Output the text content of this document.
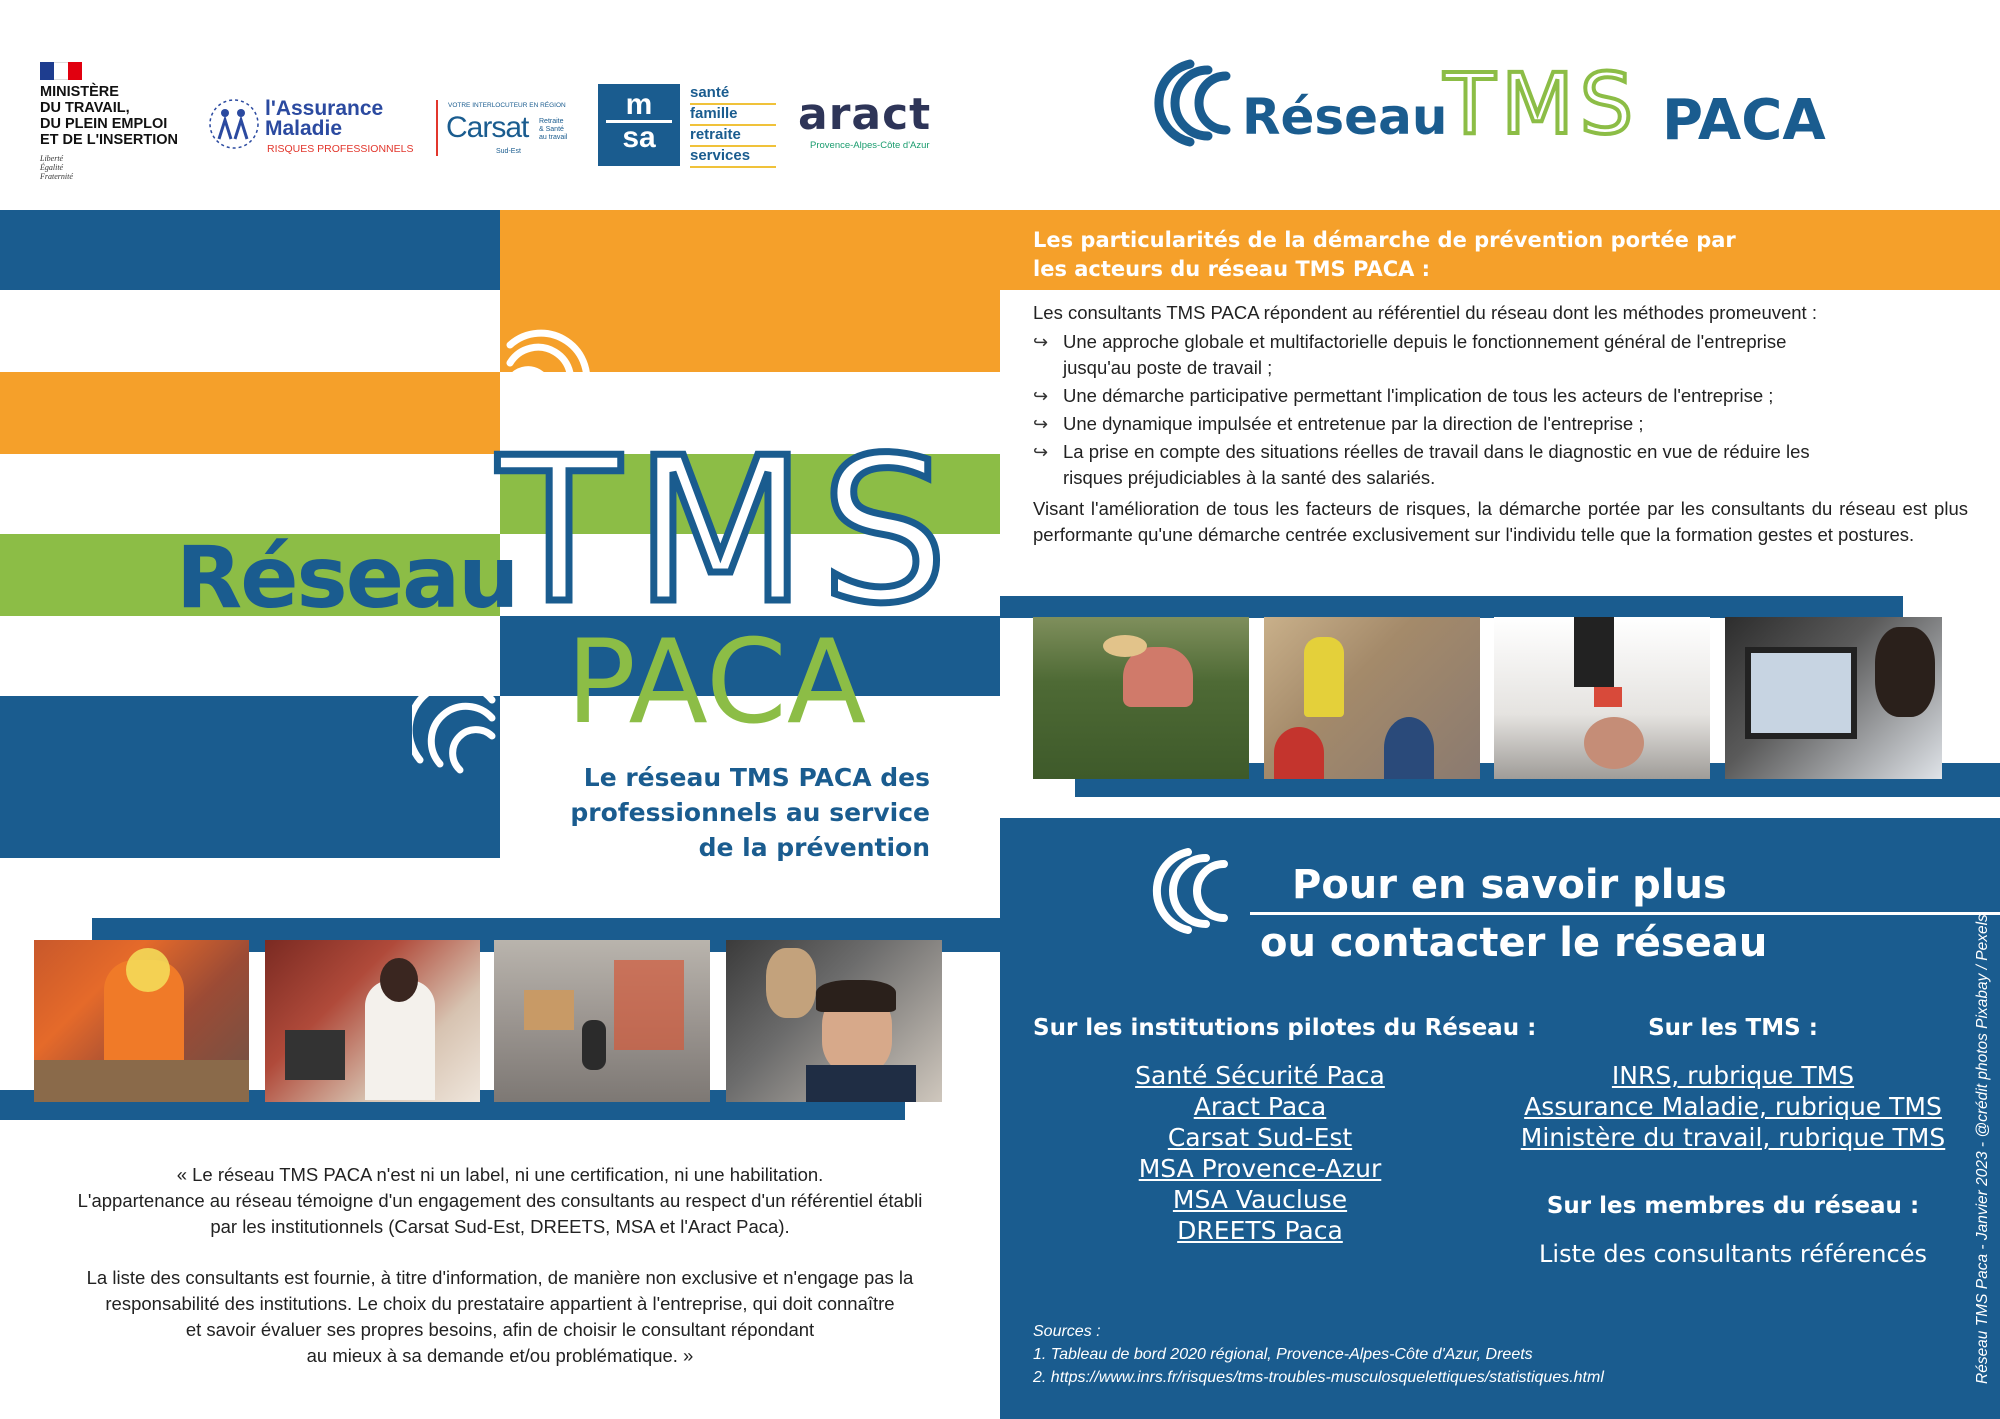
MINISTÈRE
DU TRAVAIL,
DU PLEIN EMPLOI
ET DE L'INSERTION
Liberté
Égalité
Fraternité
l'Assurance
Maladie
RISQUES PROFESSIONNELS
VOTRE INTERLOCUTEUR EN RÉGION
Carsat Retraite
& Santé
au travail
Sud-Est
m
sa
santé
famille
retraite
services
aract
Provence-Alpes-Côte d'Azur	Réseau
TMS PACA
Réseau
TMS
PACA
Le réseau TMS PACA des
professionnels au service
de la prévention
« Le réseau TMS PACA n'est ni un label, ni une certification, ni une habilitation.
L'appartenance au réseau témoigne d'un engagement des consultants au respect d'un référentiel établi
par les institutionnels (Carsat Sud-Est, DREETS, MSA et l'Aract Paca).
La liste des consultants est fournie, à titre d'information, de manière non exclusive et n'engage pas la
responsabilité des institutions. Le choix du prestataire appartient à l'entreprise, qui doit connaître
et savoir évaluer ses propres besoins, afin de choisir le consultant répondant
au mieux à sa demande et/ou problématique. »
Les particularités de la démarche de prévention portée par
les acteurs du réseau TMS PACA :
Les consultants TMS PACA répondent au référentiel du réseau dont les méthodes promeuvent :
↪ Une approche globale et multifactorielle depuis le fonctionnement général de l'entreprise
jusqu'au poste de travail ;
↪ Une démarche participative permettant l'implication de tous les acteurs de l'entreprise ;
↪ Une dynamique impulsée et entretenue par la direction de l'entreprise ;
↪ La prise en compte des situations réelles de travail dans le diagnostic en vue de réduire les
risques préjudiciables à la santé des salariés.
Visant l'amélioration de tous les facteurs de risques, la démarche portée par les consultants du réseau est plus performante qu'une démarche centrée exclusivement sur l'individu telle que la formation gestes et postures.
Pour en savoir plus
ou contacter le réseau
Sur les institutions pilotes du Réseau :
Santé Sécurité Paca
Aract Paca
Carsat Sud-Est
MSA Provence-Azur
MSA Vaucluse
DREETS Paca
Sur les TMS :
INRS, rubrique TMS
Assurance Maladie, rubrique TMS
Ministère du travail, rubrique TMS
Sur les membres du réseau :
Liste des consultants référencés
Sources :
1. Tableau de bord 2020 régional, Provence-Alpes-Côte d'Azur, Dreets
2. https://www.inrs.fr/risques/tms-troubles-musculosquelettiques/statistiques.html	Réseau TMS Paca - Janvier 2023 - @crédit photos Pixabay / Pexels
